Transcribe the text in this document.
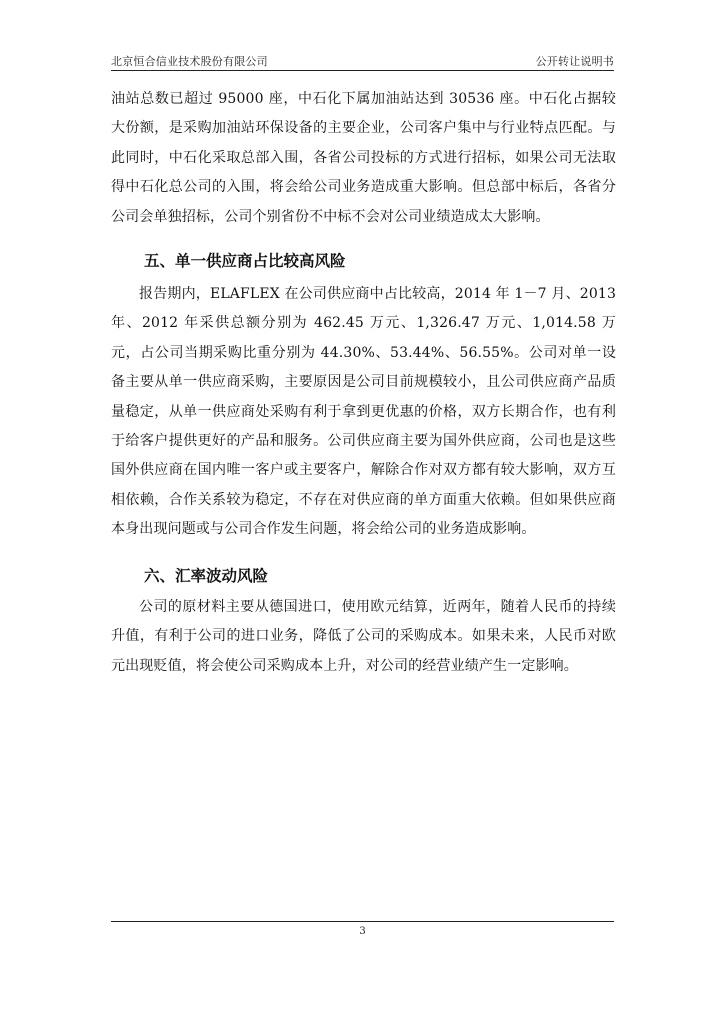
北京恒合信业技术股份有限公司	公开转让说明书

油站总数已超过 95000 座，中石化下属加油站达到 30536 座。中石化占据较大份额，是采购加油站环保设备的主要企业，公司客户集中与行业特点匹配。与此同时，中石化采取总部入围，各省公司投标的方式进行招标，如果公司无法取得中石化总公司的入围，将会给公司业务造成重大影响。但总部中标后，各省分公司会单独招标，公司个别省份不中标不会对公司业绩造成太大影响。

五、单一供应商占比较高风险

报告期内，ELAFLEX 在公司供应商中占比较高，2014 年 1－7 月、2013 年、2012 年采供总额分别为 462.45 万元、1,326.47 万元、1,014.58 万元，占公司当期采购比重分别为 44.30%、53.44%、56.55%。公司对单一设备主要从单一供应商采购，主要原因是公司目前规模较小，且公司供应商产品质量稳定，从单一供应商处采购有利于拿到更优惠的价格，双方长期合作，也有利于给客户提供更好的产品和服务。公司供应商主要为国外供应商，公司也是这些国外供应商在国内唯一客户或主要客户，解除合作对双方都有较大影响，双方互相依赖，合作关系较为稳定，不存在对供应商的单方面重大依赖。但如果供应商本身出现问题或与公司合作发生问题，将会给公司的业务造成影响。

六、汇率波动风险

公司的原材料主要从德国进口，使用欧元结算，近两年，随着人民币的持续升值，有利于公司的进口业务，降低了公司的采购成本。如果未来，人民币对欧元出现贬值，将会使公司采购成本上升，对公司的经营业绩产生一定影响。

3
